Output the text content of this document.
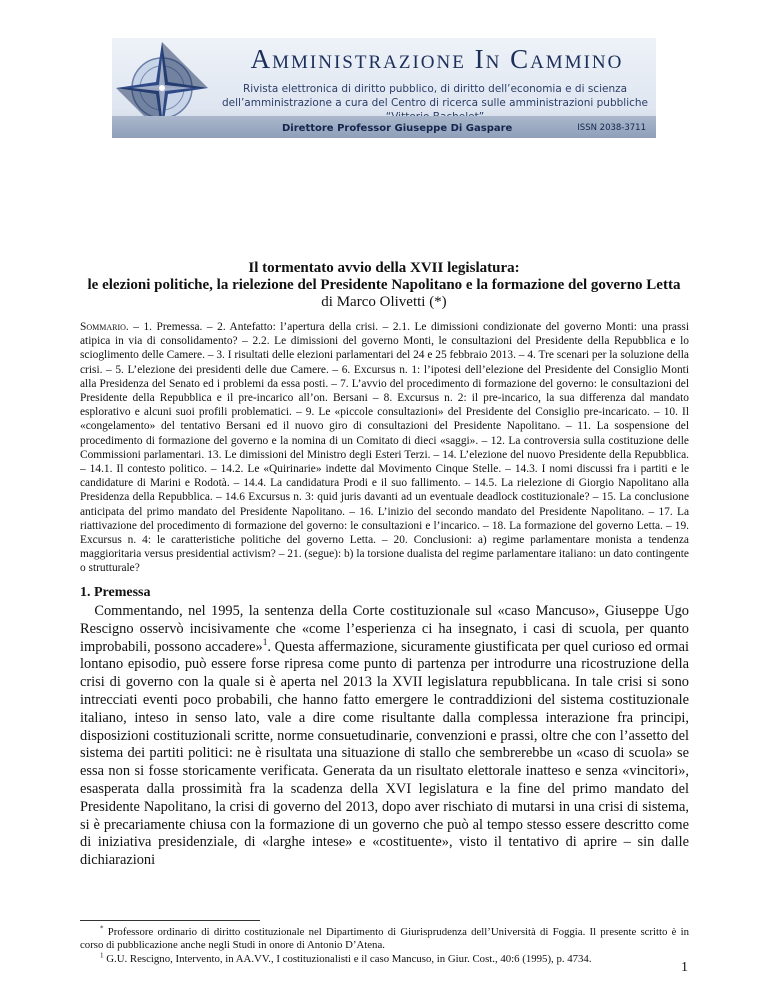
Amministrazione In Cammino
Rivista elettronica di diritto pubblico, di diritto dell’economia e di scienza
dell’amministrazione a cura del Centro di ricerca sulle amministrazioni pubbliche
Direttore Professor Giuseppe Di Gaspare	ISSN 2038-3711
Il tormentato avvio della XVII legislatura:
le elezioni politiche, la rielezione del Presidente Napolitano e la formazione del governo Letta
di Marco Olivetti (*)
Sommario. – 1. Premessa. – 2. Antefatto: l’apertura della crisi. – 2.1. Le dimissioni condizionate del governo Monti: una prassi atipica in via di consolidamento? – 2.2. Le dimissioni del governo Monti, le consultazioni del Presidente della Repubblica e lo scioglimento delle Camere. – 3. I risultati delle elezioni parlamentari del 24 e 25 febbraio 2013. – 4. Tre scenari per la soluzione della crisi. – 5. L’elezione dei presidenti delle due Camere. – 6. Excursus n. 1: l’ipotesi dell’elezione del Presidente del Consiglio Monti alla Presidenza del Senato ed i problemi da essa posti. – 7. L’avvio del procedimento di formazione del governo: le consultazioni del Presidente della Repubblica e il pre-incarico all’on. Bersani – 8. Excursus n. 2: il pre-incarico, la sua differenza dal mandato esplorativo e alcuni suoi profili problematici. – 9. Le «piccole consultazioni» del Presidente del Consiglio pre-incaricato. – 10. Il «congelamento» del tentativo Bersani ed il nuovo giro di consultazioni del Presidente Napolitano. – 11. La sospensione del procedimento di formazione del governo e la nomina di un Comitato di dieci «saggi». – 12. La controversia sulla costituzione delle Commissioni parlamentari. 13. Le dimissioni del Ministro degli Esteri Terzi. – 14. L’elezione del nuovo Presidente della Repubblica. – 14.1. Il contesto politico. – 14.2. Le «Quirinarie» indette dal Movimento Cinque Stelle. – 14.3. I nomi discussi fra i partiti e le candidature di Marini e Rodotà. – 14.4. La candidatura Prodi e il suo fallimento. – 14.5. La rielezione di Giorgio Napolitano alla Presidenza della Repubblica. – 14.6 Excursus n. 3: quid juris davanti ad un eventuale deadlock costituzionale? – 15. La conclusione anticipata del primo mandato del Presidente Napolitano. – 16. L’inizio del secondo mandato del Presidente Napolitano. – 17. La riattivazione del procedimento di formazione del governo: le consultazioni e l’incarico. – 18. La formazione del governo Letta. – 19. Excursus n. 4: le caratteristiche politiche del governo Letta. – 20. Conclusioni: a) regime parlamentare monista a tendenza maggioritaria versus presidential activism? – 21. (segue): b) la torsione dualista del regime parlamentare italiano: un dato contingente o strutturale?
1. Premessa
 Commentando, nel 1995, la sentenza della Corte costituzionale sul «caso Mancuso», Giuseppe Ugo Rescigno osservò incisivamente che «come l’esperienza ci ha insegnato, i casi di scuola, per quanto improbabili, possono accadere»$^1$. Questa affermazione, sicuramente giustificata per quel curioso ed ormai lontano episodio, può essere forse ripresa come punto di partenza per introdurre una ricostruzione della crisi di governo con la quale si è aperta nel 2013 la XVII legislatura repubblicana. In tale crisi si sono intrecciati eventi poco probabili, che hanno fatto emergere le contraddizioni del sistema costituzionale italiano, inteso in senso lato, vale a dire come risultante dalla complessa interazione fra principi, disposizioni costituzionali scritte, norme consuetudinarie, convenzioni e prassi, oltre che con l’assetto del sistema dei partiti politici: ne è risultata una situazione di stallo che sembrerebbe un «caso di scuola» se essa non si fosse storicamente verificata. Generata da un risultato elettorale inatteso e senza «vincitori», esasperata dalla prossimità fra la scadenza della XVI legislatura e la fine del primo mandato del Presidente Napolitano, la crisi di governo del 2013, dopo aver rischiato di mutarsi in una crisi di sistema, si è precariamente chiusa con la formazione di un governo che può al tempo stesso essere descritto come di iniziativa presidenziale, di «larghe intese» e «costituente», visto il tentativo di aprire – sin dalle dichiarazioni

* Professore ordinario di diritto costituzionale nel Dipartimento di Giurisprudenza dell’Università di Foggia. Il presente scritto è in corso di pubblicazione anche negli Studi in onore di Antonio D’Atena.

$^1$ G.U. Rescigno, Intervento, in AA.VV., I costituzionalisti e il caso Mancuso, in Giur. Cost., 40:6 (1995), p. 4734.

1
